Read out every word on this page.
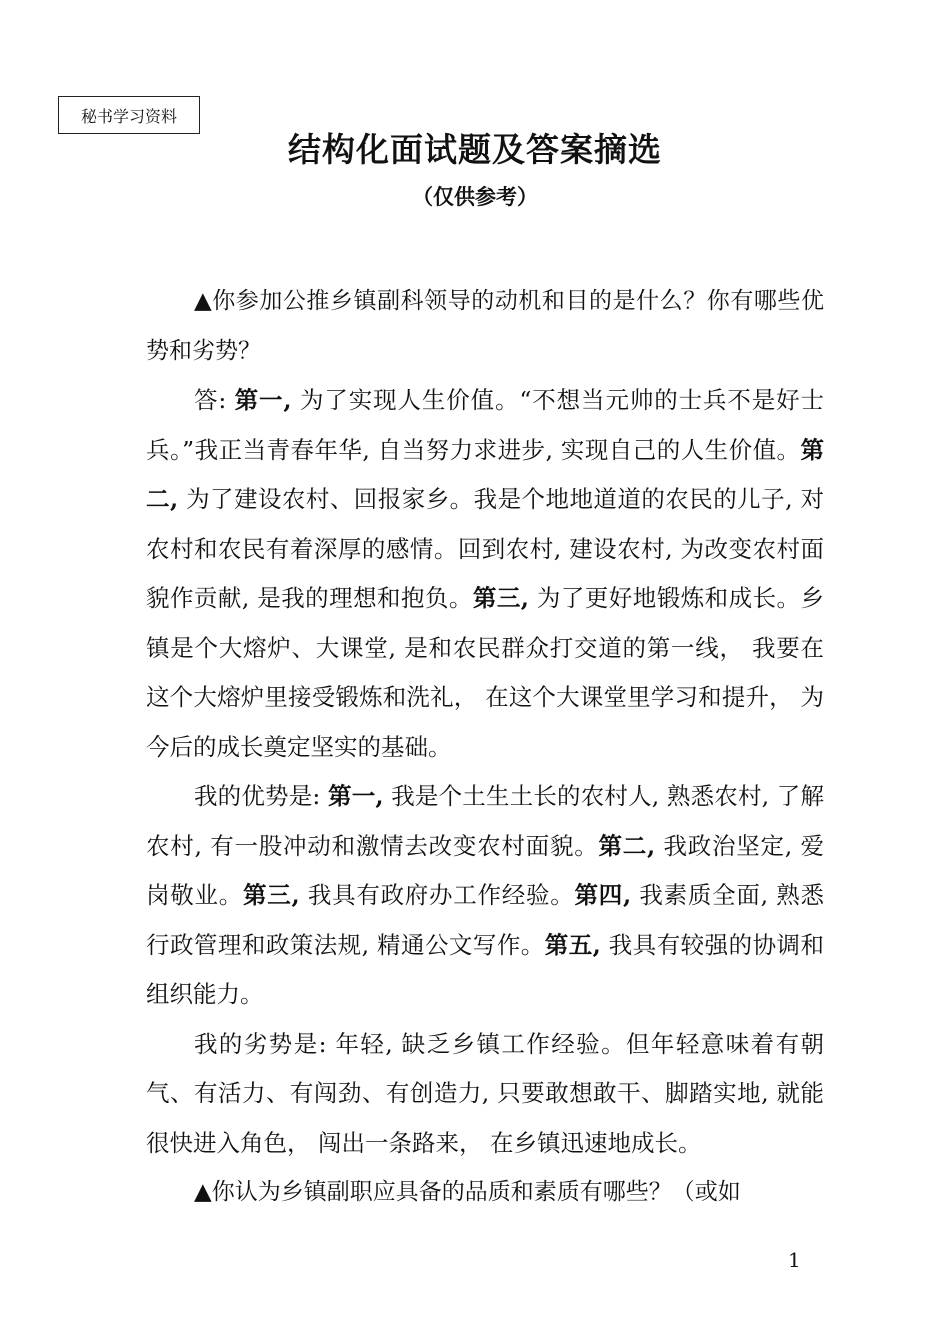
秘书学习资料
结构化面试题及答案摘选
（仅供参考）

▲你参加公推乡镇副科领导的动机和目的是什么？你有哪些优势和劣势？

答: 第一, 为了实现人生价值。“不想当元帅的士兵不是好士兵。”我正当青春年华, 自当努力求进步, 实现自己的人生价值。第二, 为了建设农村、回报家乡。我是个地地道道的农民的儿子, 对农村和农民有着深厚的感情。回到农村, 建设农村, 为改变农村面貌作贡献, 是我的理想和抱负。第三, 为了更好地锻炼和成长。乡镇是个大熔炉、大课堂, 是和农民群众打交道的第一线， 我要在这个大熔炉里接受锻炼和洗礼， 在这个大课堂里学习和提升， 为今后的成长奠定坚实的基础。

我的优势是: 第一, 我是个土生土长的农村人, 熟悉农村, 了解农村, 有一股冲动和激情去改变农村面貌。第二, 我政治坚定, 爱岗敬业。第三, 我具有政府办工作经验。第四, 我素质全面, 熟悉行政管理和政策法规, 精通公文写作。第五, 我具有较强的协调和组织能力。

我的劣势是: 年轻, 缺乏乡镇工作经验。但年轻意味着有朝气、有活力、有闯劲、有创造力, 只要敢想敢干、脚踏实地, 就能很快进入角色， 闯出一条路来， 在乡镇迅速地成长。

▲你认为乡镇副职应具备的品质和素质有哪些？（或如

1
